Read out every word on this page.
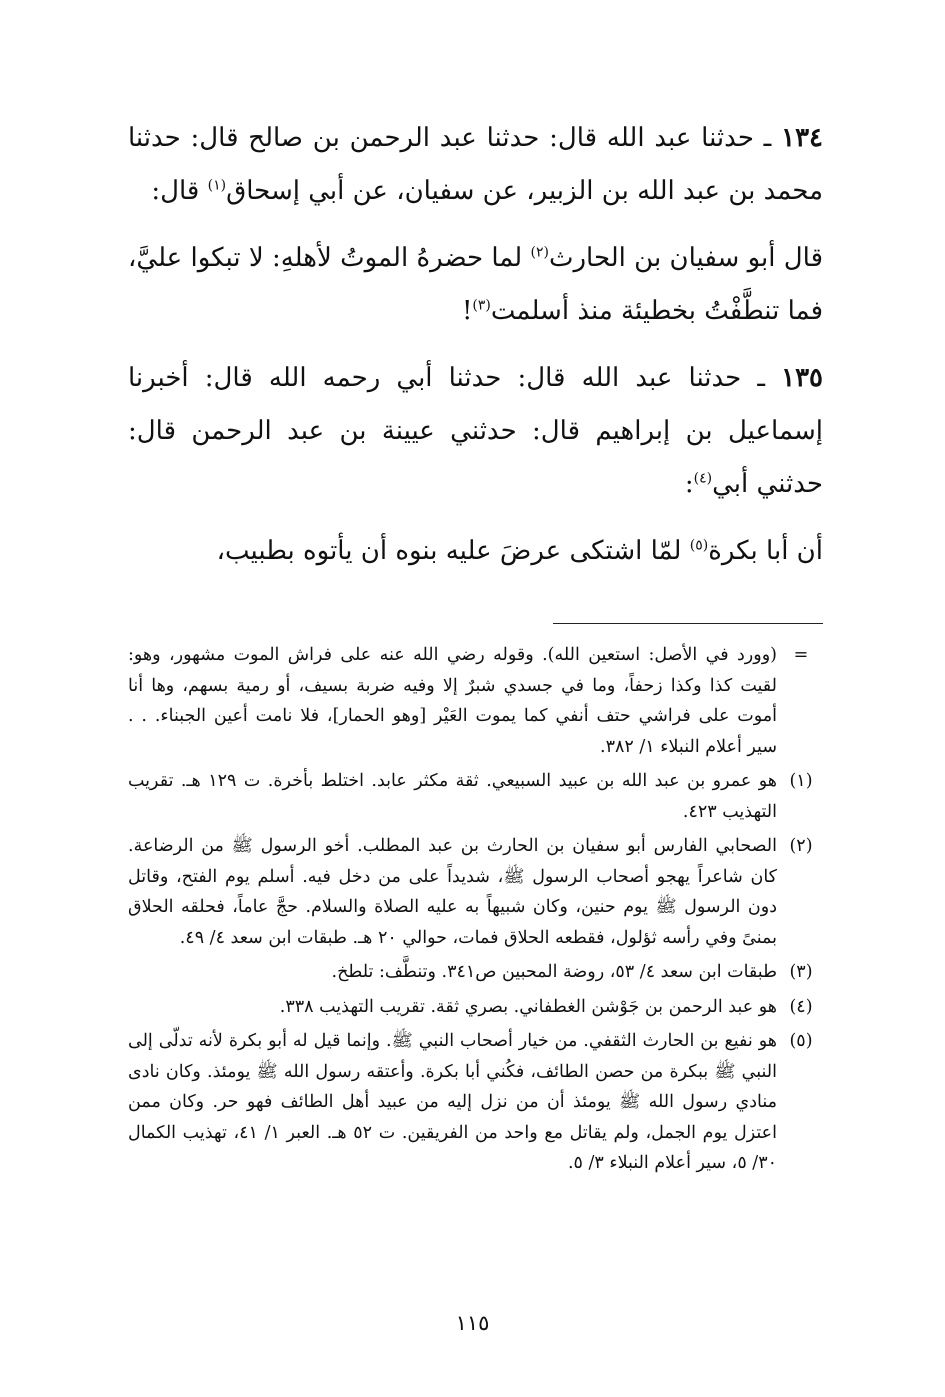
١٣٤ ـ حدثنا عبد الله قال: حدثنا عبد الرحمن بن صالح قال: حدثنا محمد بن عبد الله بن الزبير، عن سفيان، عن أبي إسحاق$^{(١)}$ قال:

قال أبو سفيان بن الحارث$^{(٢)}$ لما حضرهُ الموتُ لأهلهِ: لا تبكوا عليَّ، فما تنطَّفْتُ بخطيئة منذ أسلمت$^{(٣)}$!

١٣٥ ـ حدثنا عبد الله قال: حدثنا أبي رحمه الله قال: أخبرنا إسماعيل بن إبراهيم قال: حدثني عيينة بن عبد الرحمن قال: حدثني أبي$^{(٤)}$:

أن أبا بكرة$^{(٥)}$ لمّا اشتكى عرضَ عليه بنوه أن يأتوه بطبيب،

=
(وورد في الأصل: استعين الله). وقوله رضي الله عنه على فراش الموت مشهور، وهو: لقيت كذا وكذا زحفاً، وما في جسدي شبرٌ إلا وفيه ضربة بسيف، أو رمية بسهم، وها أنا أموت على فراشي حتف أنفي كما يموت العَيْر [وهو الحمار]، فلا نامت أعين الجبناء. . . سير أعلام النبلاء ١/ ٣٨٢.
(١)
هو عمرو بن عبد الله بن عبيد السبيعي. ثقة مكثر عابد. اختلط بأخرة. ت ١٢٩ هـ. تقريب التهذيب ٤٢٣.
(٢)
الصحابي الفارس أبو سفيان بن الحارث بن عبد المطلب. أخو الرسول ﷺ من الرضاعة. كان شاعراً يهجو أصحاب الرسول ﷺ، شديداً على من دخل فيه. أسلم يوم الفتح، وقاتل دون الرسول ﷺ يوم حنين، وكان شبيهاً به عليه الصلاة والسلام. حجَّ عاماً، فحلقه الحلاق بمنىً وفي رأسه ثؤلول، فقطعه الحلاق فمات، حوالي ٢٠ هـ. طبقات ابن سعد ٤/ ٤٩.
(٣)
طبقات ابن سعد ٤/ ٥٣، روضة المحبين ص٣٤١. وتنطَّف: تلطخ.
(٤)
هو عبد الرحمن بن جَوْشن الغطفاني. بصري ثقة. تقريب التهذيب ٣٣٨.
(٥)
هو نفيع بن الحارث الثقفي. من خيار أصحاب النبي ﷺ. وإنما قيل له أبو بكرة لأنه تدلّى إلى النبي ﷺ ببكرة من حصن الطائف، فكُني أبا بكرة. وأعتقه رسول الله ﷺ يومئذ. وكان نادى منادي رسول الله ﷺ يومئذ أن من نزل إليه من عبيد أهل الطائف فهو حر. وكان ممن اعتزل يوم الجمل، ولم يقاتل مع واحد من الفريقين. ت ٥٢ هـ. العبر ١/ ٤١، تهذيب الكمال ٣٠/ ٥، سير أعلام النبلاء ٣/ ٥.
١١٥
